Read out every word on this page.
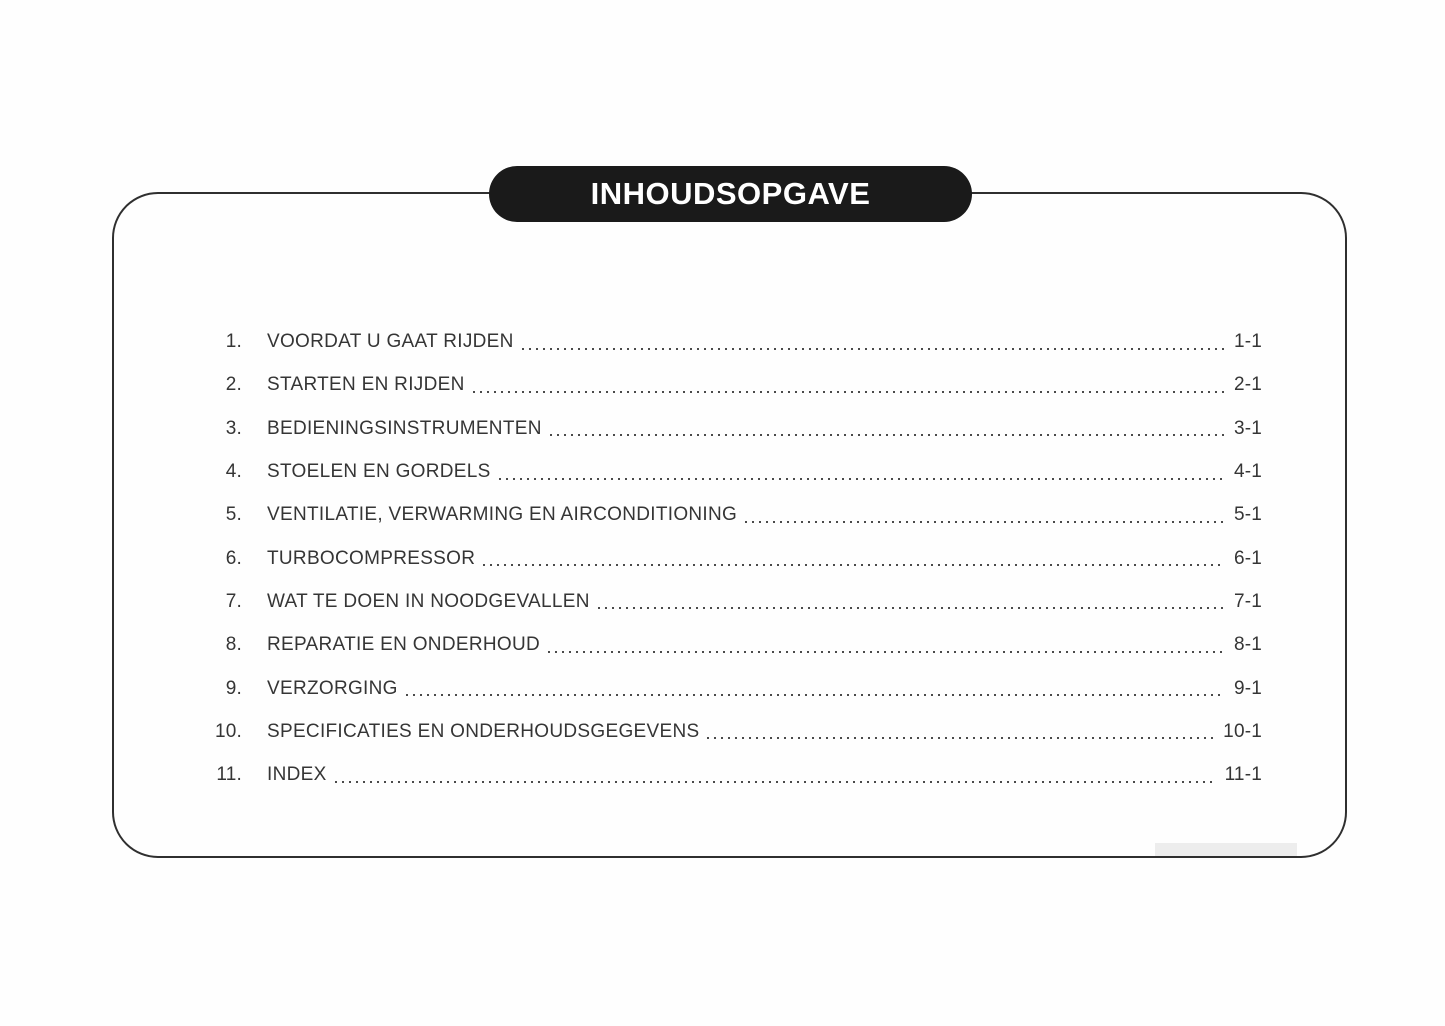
INHOUDSOPGAVE
1. VOORDAT U GAAT RIJDEN	1-1
2. STARTEN EN RIJDEN	2-1
3. BEDIENINGSINSTRUMENTEN	3-1
4. STOELEN EN GORDELS	4-1
5. VENTILATIE, VERWARMING EN AIRCONDITIONING	5-1
6. TURBOCOMPRESSOR	6-1
7. WAT TE DOEN IN NOODGEVALLEN	7-1
8. REPARATIE EN ONDERHOUD	8-1
9. VERZORGING	9-1
10. SPECIFICATIES EN ONDERHOUDSGEGEVENS	10-1
11. INDEX	11-1
